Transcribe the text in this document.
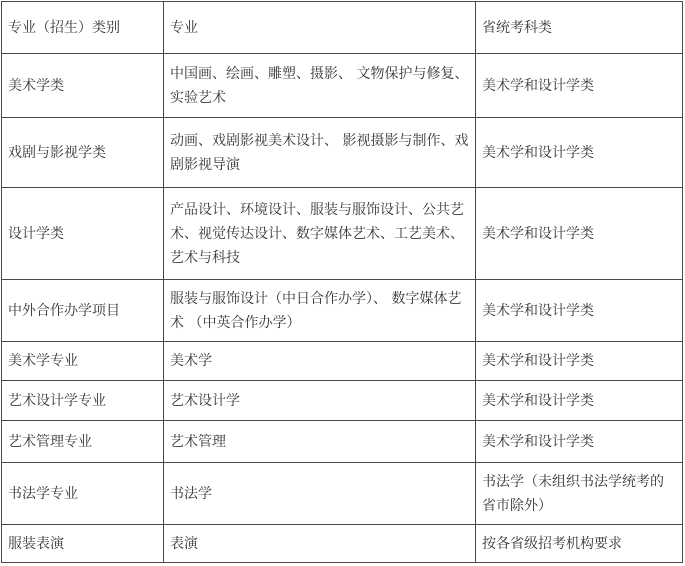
专业（招生）类别	专业	省统考科类
美术学类	中国画、绘画、雕塑、摄影、 文物保护与修复、实验艺术	美术学和设计学类
戏剧与影视学类	动画、戏剧影视美术设计、 影视摄影与制作、戏剧影视导演	美术学和设计学类
设计学类	产品设计、环境设计、服装与服饰设计、公共艺术、视觉传达设计、数字媒体艺术、工艺美术、艺术与科技	美术学和设计学类
中外合作办学项目	服装与服饰设计（中日合作办学）、 数字媒体艺术 （中英合作办学）	美术学和设计学类
美术学专业	美术学	美术学和设计学类
艺术设计学专业	艺术设计学	美术学和设计学类
艺术管理专业	艺术管理	美术学和设计学类
书法学专业	书法学	书法学（未组织书法学统考的省市除外）
服装表演	表演	按各省级招考机构要求
